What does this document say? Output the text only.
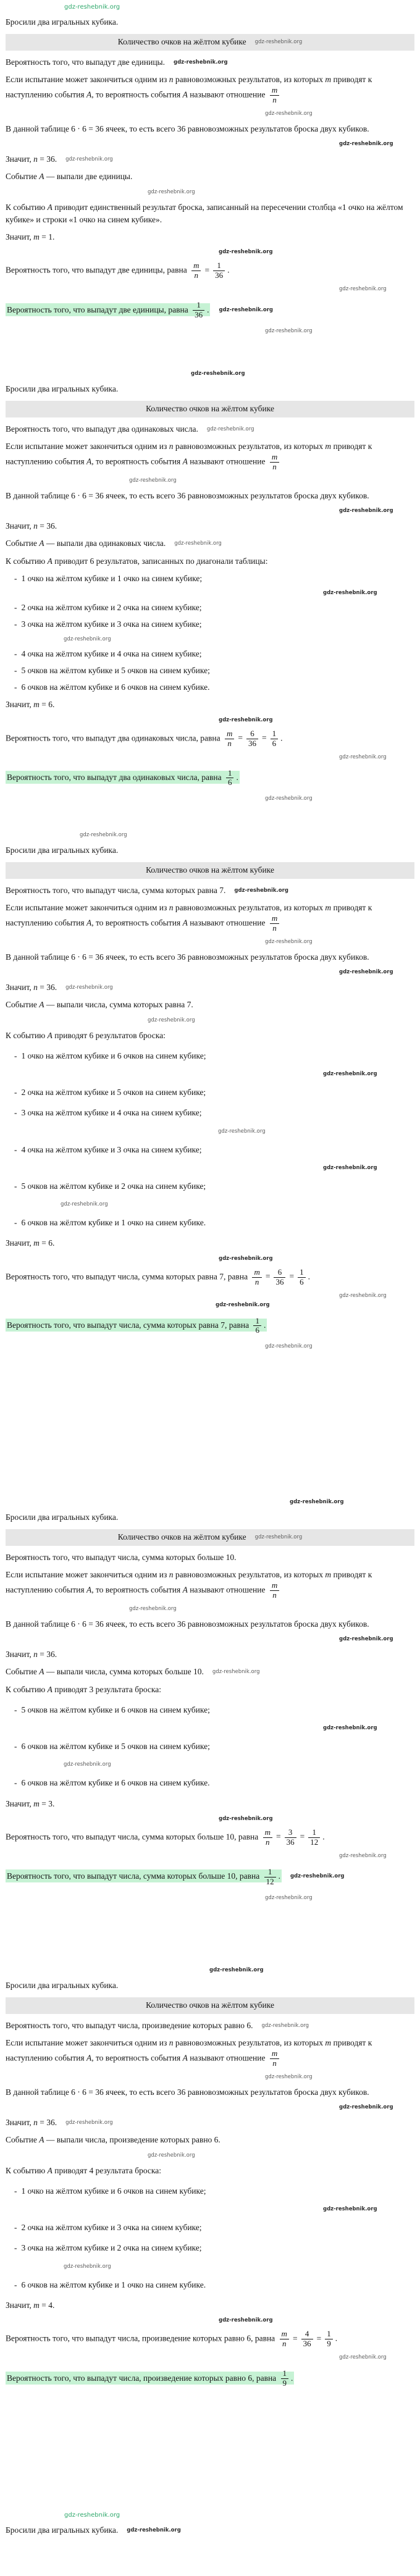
gdz-reshebnik.org

Бросили два игральных кубика.

Количество очков на жёлтом кубике gdz-reshebnik.org

Вероятность того, что выпадут две единицы. gdz-reshebnik.org

Если испытание может закончиться одним из n равновозможных результатов, из которых m приводят к наступлению события A, то вероятность события A называют отношение $\frac{m}{n}$

gdz-reshebnik.org

В данной таблице 6 · 6 = 36 ячеек, то есть всего 36 равновозможных результатов броска двух кубиков.

gdz-reshebnik.org

Значит, n = 36. gdz-reshebnik.org

Событие A — выпали две единицы.

gdz-reshebnik.org

К событию A приводит единственный результат броска, записанный на пересечении столбца «1 очко на жёлтом кубике» и строки «1 очко на синем кубике».

Значит, m = 1.

gdz-reshebnik.org

Вероятность того, что выпадут две единицы, равна $\frac{m}{n} = \frac{1}{36}$ .

gdz-reshebnik.org

Вероятность того, что выпадут две единицы, равна $\frac{1}{36}$ . gdz-reshebnik.org

gdz-reshebnik.org
gdz-reshebnik.org

Бросили два игральных кубика.

Количество очков на жёлтом кубике

Вероятность того, что выпадут два одинаковых числа. gdz-reshebnik.org

Если испытание может закончиться одним из n равновозможных результатов, из которых m приводят к наступлению события A, то вероятность события A называют отношение $\frac{m}{n}$

gdz-reshebnik.org

В данной таблице 6 · 6 = 36 ячеек, то есть всего 36 равновозможных результатов броска двух кубиков.

gdz-reshebnik.org

Значит, n = 36.

Событие A — выпали два одинаковых числа. gdz-reshebnik.org

К событию A приводит 6 результатов, записанных по диагонали таблицы:

- 1 очко на жёлтом кубике и 1 очко на синем кубике;
gdz-reshebnik.org
- 2 очка на жёлтом кубике и 2 очка на синем кубике;
- 3 очка на жёлтом кубике и 3 очка на синем кубике;
gdz-reshebnik.org
- 4 очка на жёлтом кубике и 4 очка на синем кубике;
- 5 очков на жёлтом кубике и 5 очков на синем кубике;
- 6 очков на жёлтом кубике и 6 очков на синем кубике.

Значит, m = 6.

gdz-reshebnik.org

Вероятность того, что выпадут два одинаковых числа, равна $\frac{m}{n} = \frac{6}{36} = \frac{1}{6}$ .

gdz-reshebnik.org

Вероятность того, что выпадут два одинаковых числа, равна $\frac{1}{6}$ .

gdz-reshebnik.org
gdz-reshebnik.org

Бросили два игральных кубика.

Количество очков на жёлтом кубике

Вероятность того, что выпадут числа, сумма которых равна 7. gdz-reshebnik.org

Если испытание может закончиться одним из n равновозможных результатов, из которых m приводят к наступлению события A, то вероятность события A называют отношение $\frac{m}{n}$

gdz-reshebnik.org

В данной таблице 6 · 6 = 36 ячеек, то есть всего 36 равновозможных результатов броска двух кубиков.

gdz-reshebnik.org

Значит, n = 36. gdz-reshebnik.org

Событие A — выпали числа, сумма которых равна 7.

gdz-reshebnik.org

К событию A приводят 6 результатов броска:

- 1 очко на жёлтом кубике и 6 очков на синем кубике;
gdz-reshebnik.org
- 2 очка на жёлтом кубике и 5 очков на синем кубике;
- 3 очка на жёлтом кубике и 4 очка на синем кубике;
gdz-reshebnik.org
- 4 очка на жёлтом кубике и 3 очка на синем кубике;
gdz-reshebnik.org
- 5 очков на жёлтом кубике и 2 очка на синем кубике;
gdz-reshebnik.org
- 6 очков на жёлтом кубике и 1 очко на синем кубике.

Значит, m = 6.

gdz-reshebnik.org

Вероятность того, что выпадут числа, сумма которых равна 7, равна $\frac{m}{n} = \frac{6}{36} = \frac{1}{6}$ .

gdz-reshebnik.org
gdz-reshebnik.org

Вероятность того, что выпадут числа, сумма которых равна 7, равна $\frac{1}{6}$ .

gdz-reshebnik.org
gdz-reshebnik.org

Бросили два игральных кубика.

Количество очков на жёлтом кубике gdz-reshebnik.org

Вероятность того, что выпадут числа, сумма которых больше 10.

Если испытание может закончиться одним из n равновозможных результатов, из которых m приводят к наступлению события A, то вероятность события A называют отношение $\frac{m}{n}$

gdz-reshebnik.org

В данной таблице 6 · 6 = 36 ячеек, то есть всего 36 равновозможных результатов броска двух кубиков.

gdz-reshebnik.org

Значит, n = 36.

Событие A — выпали числа, сумма которых больше 10. gdz-reshebnik.org

К событию A приводят 3 результата броска:

- 5 очков на жёлтом кубике и 6 очков на синем кубике;
gdz-reshebnik.org
- 6 очков на жёлтом кубике и 5 очков на синем кубике;
gdz-reshebnik.org
- 6 очков на жёлтом кубике и 6 очков на синем кубике.

Значит, m = 3.

gdz-reshebnik.org

Вероятность того, что выпадут числа, сумма которых больше 10, равна $\frac{m}{n} = \frac{3}{36} = \frac{1}{12}$ .

gdz-reshebnik.org

Вероятность того, что выпадут числа, сумма которых больше 10, равна $\frac{1}{12}$ . gdz-reshebnik.org

gdz-reshebnik.org
gdz-reshebnik.org

Бросили два игральных кубика.

Количество очков на жёлтом кубике

Вероятность того, что выпадут числа, произведение которых равно 6. gdz-reshebnik.org

Если испытание может закончиться одним из n равновозможных результатов, из которых m приводят к наступлению события A, то вероятность события A называют отношение $\frac{m}{n}$

gdz-reshebnik.org

В данной таблице 6 · 6 = 36 ячеек, то есть всего 36 равновозможных результатов броска двух кубиков.

gdz-reshebnik.org

Значит, n = 36. gdz-reshebnik.org

Событие A — выпали числа, произведение которых равно 6.

gdz-reshebnik.org

К событию A приводят 4 результата броска:

- 1 очко на жёлтом кубике и 6 очков на синем кубике;
gdz-reshebnik.org
- 2 очка на жёлтом кубике и 3 очка на синем кубике;
- 3 очка на жёлтом кубике и 2 очка на синем кубике;
gdz-reshebnik.org
- 6 очков на жёлтом кубике и 1 очко на синем кубике.

Значит, m = 4.

gdz-reshebnik.org

Вероятность того, что выпадут числа, произведение которых равно 6, равна $\frac{m}{n} = \frac{4}{36} = \frac{1}{9}$ .

gdz-reshebnik.org

Вероятность того, что выпадут числа, произведение которых равно 6, равна $\frac{1}{9}$ .

gdz-reshebnik.org

Бросили два игральных кубика. gdz-reshebnik.org
